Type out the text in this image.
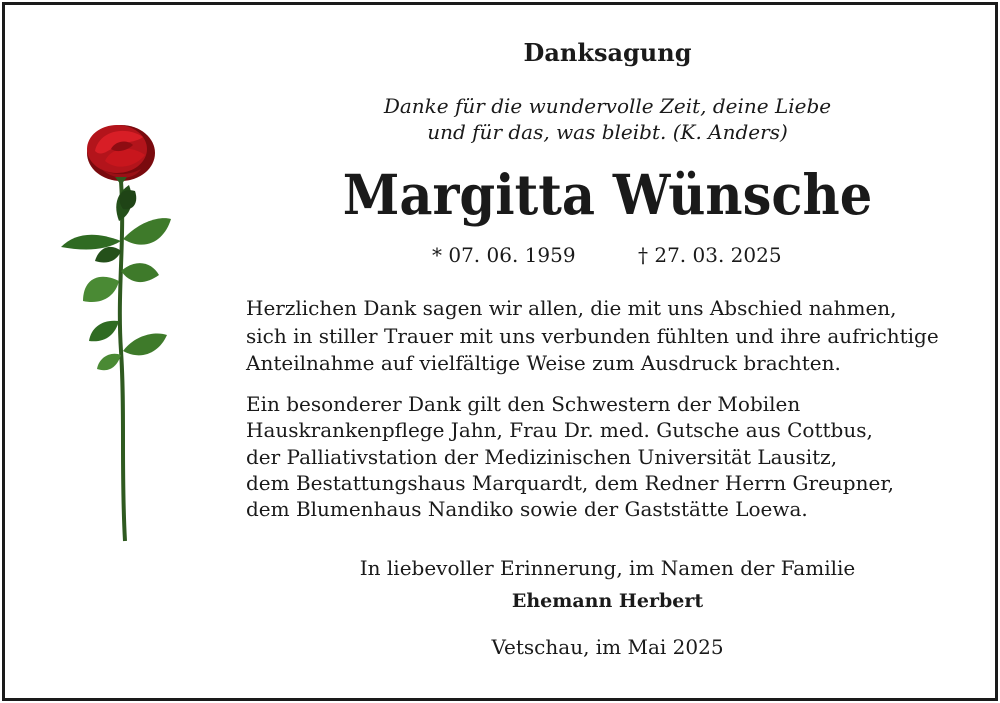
Danksagung
Danke für die wundervolle Zeit, deine Liebe
und für das, was bleibt. (K. Anders)
Margitta Wünsche
* 07. 06. 1959	† 27. 03. 2025
Herzlichen Dank sagen wir allen, die mit uns Abschied nahmen,
sich in stiller Trauer mit uns verbunden fühlten und ihre aufrichtige
Anteilnahme auf vielfältige Weise zum Ausdruck brachten.
Ein besonderer Dank gilt den Schwestern der Mobilen
Hauskrankenpflege Jahn, Frau Dr. med. Gutsche aus Cottbus,
der Palliativstation der Medizinischen Universität Lausitz,
dem Bestattungshaus Marquardt, dem Redner Herrn Greupner,
dem Blumenhaus Nandiko sowie der Gaststätte Loewa.
In liebevoller Erinnerung, im Namen der Familie
Ehemann Herbert
Vetschau, im Mai 2025
